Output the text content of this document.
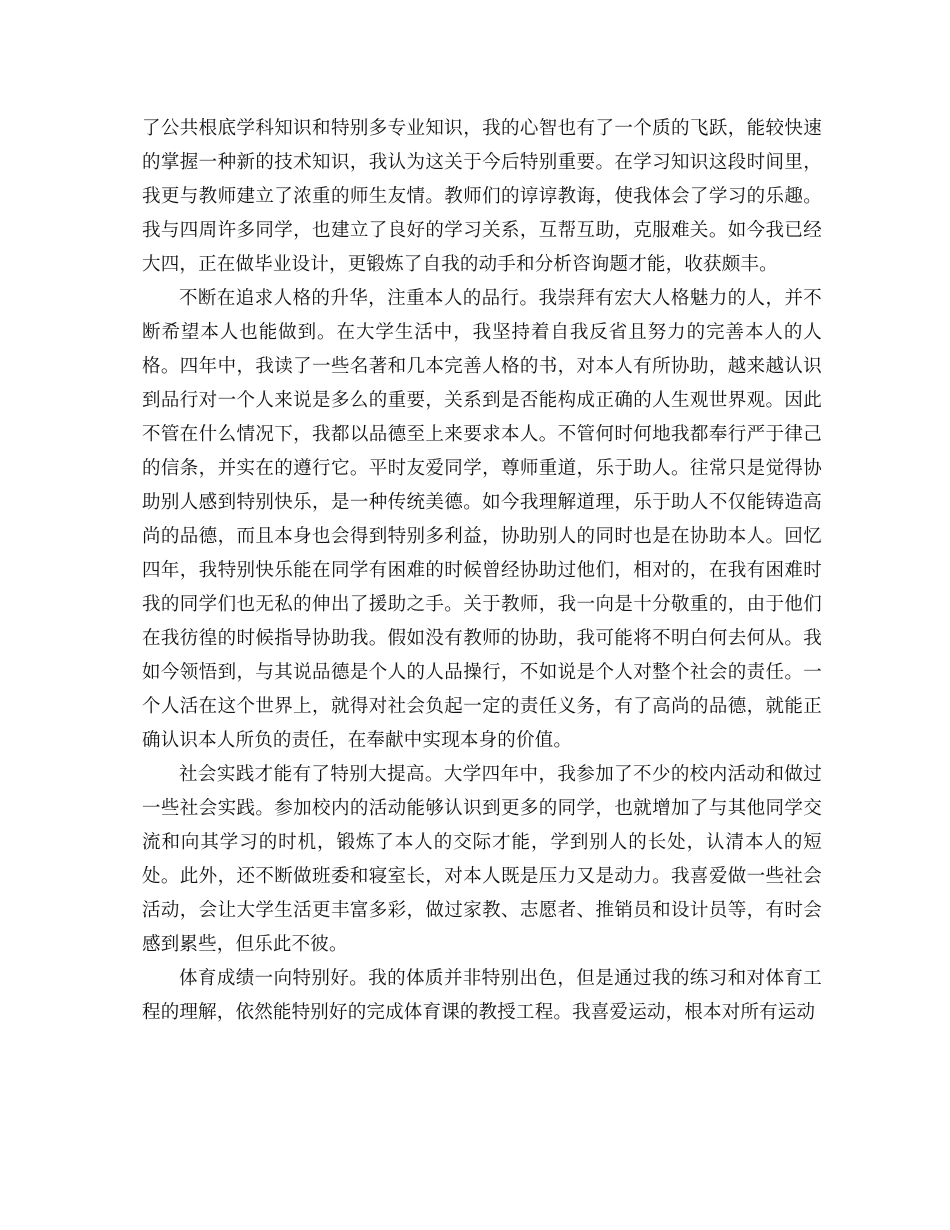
了公共根底学科知识和特别多专业知识，我的心智也有了一个质的飞跃，能较快速的掌握一种新的技术知识，我认为这关于今后特别重要。在学习知识这段时间里，我更与教师建立了浓重的师生友情。教师们的谆谆教诲，使我体会了学习的乐趣。我与四周许多同学，也建立了良好的学习关系，互帮互助，克服难关。如今我已经大四，正在做毕业设计，更锻炼了自我的动手和分析咨询题才能，收获颇丰。

不断在追求人格的升华，注重本人的品行。我崇拜有宏大人格魅力的人，并不断希望本人也能做到。在大学生活中，我坚持着自我反省且努力的完善本人的人格。四年中，我读了一些名著和几本完善人格的书，对本人有所协助，越来越认识到品行对一个人来说是多么的重要，关系到是否能构成正确的人生观世界观。因此不管在什么情况下，我都以品德至上来要求本人。不管何时何地我都奉行严于律己的信条，并实在的遵行它。平时友爱同学，尊师重道，乐于助人。往常只是觉得协助别人感到特别快乐，是一种传统美德。如今我理解道理，乐于助人不仅能铸造高尚的品德，而且本身也会得到特别多利益，协助别人的同时也是在协助本人。回忆四年，我特别快乐能在同学有困难的时候曾经协助过他们，相对的，在我有困难时我的同学们也无私的伸出了援助之手。关于教师，我一向是十分敬重的，由于他们在我彷徨的时候指导协助我。假如没有教师的协助，我可能将不明白何去何从。我如今领悟到，与其说品德是个人的人品操行，不如说是个人对整个社会的责任。一个人活在这个世界上，就得对社会负起一定的责任义务，有了高尚的品德，就能正确认识本人所负的责任，在奉献中实现本身的价值。

社会实践才能有了特别大提高。大学四年中，我参加了不少的校内活动和做过一些社会实践。参加校内的活动能够认识到更多的同学，也就增加了与其他同学交流和向其学习的时机，锻炼了本人的交际才能，学到别人的长处，认清本人的短处。此外，还不断做班委和寝室长，对本人既是压力又是动力。我喜爱做一些社会活动，会让大学生活更丰富多彩，做过家教、志愿者、推销员和设计员等，有时会感到累些，但乐此不彼。

体育成绩一向特别好。我的体质并非特别出色，但是通过我的练习和对体育工程的理解，依然能特别好的完成体育课的教授工程。我喜爱运动，根本对所有运动
